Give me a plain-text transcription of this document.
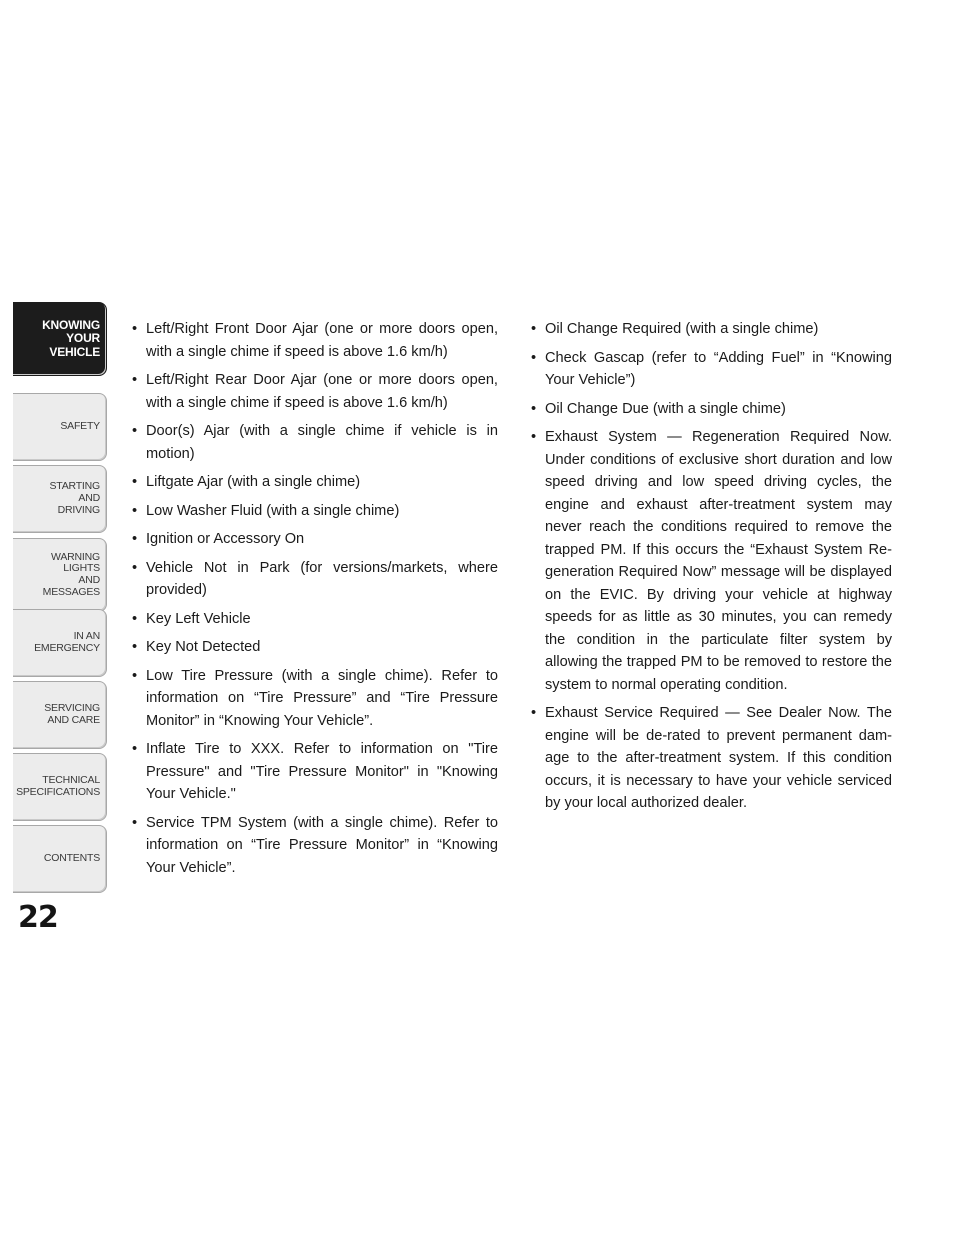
KNOWING
YOUR
VEHICLE
SAFETY
STARTING
AND
DRIVING
WARNING
LIGHTS
AND
MESSAGES
IN AN
EMERGENCY
SERVICING
AND CARE
TECHNICAL
SPECIFICATIONS
CONTENTS
22
• Left/Right Front Door Ajar (one or more doors open, with a single chime if speed is above 1.6 km/h)
• Left/Right Rear Door Ajar (one or more doors open, with a single chime if speed is above 1.6 km/h)
• Door(s) Ajar (with a single chime if vehicle is in motion)
• Liftgate Ajar (with a single chime)
• Low Washer Fluid (with a single chime)
• Ignition or Accessory On
• Vehicle Not in Park (for versions/markets, where provided)
• Key Left Vehicle
• Key Not Detected
• Low Tire Pressure (with a single chime). Refer to information on “Tire Pressure” and “Tire Pressure Monitor” in “Knowing Your Vehicle”.
• Inflate Tire to XXX. Refer to information on "Tire Pressure" and "Tire Pressure Monitor" in "Knowing Your Vehicle."
• Service TPM System (with a single chime). Refer to information on “Tire Pressure Monitor” in “Knowing Your Vehicle”.
• Oil Change Required (with a single chime)
• Check Gascap (refer to “Adding Fuel” in “Knowing Your Vehicle”)
• Oil Change Due (with a single chime)
• Exhaust System — Regeneration Required Now. Under conditions of exclusive short duration and low speed driving and low speed driving cycles, the engine and exhaust after-treatment system may never reach the conditions required to remove the trapped PM. If this occurs the “Exhaust System Re-generation Required Now” message will be displayed on the EVIC. By driving your vehicle at highway speeds for as little as 30 minutes, you can remedy the condition in the particulate filter system by allowing the trapped PM to be removed to restore the system to normal operating condition.
• Exhaust Service Required — See Dealer Now. The engine will be de-rated to prevent permanent dam-age to the after-treatment system. If this condition occurs, it is necessary to have your vehicle serviced by your local authorized dealer.
